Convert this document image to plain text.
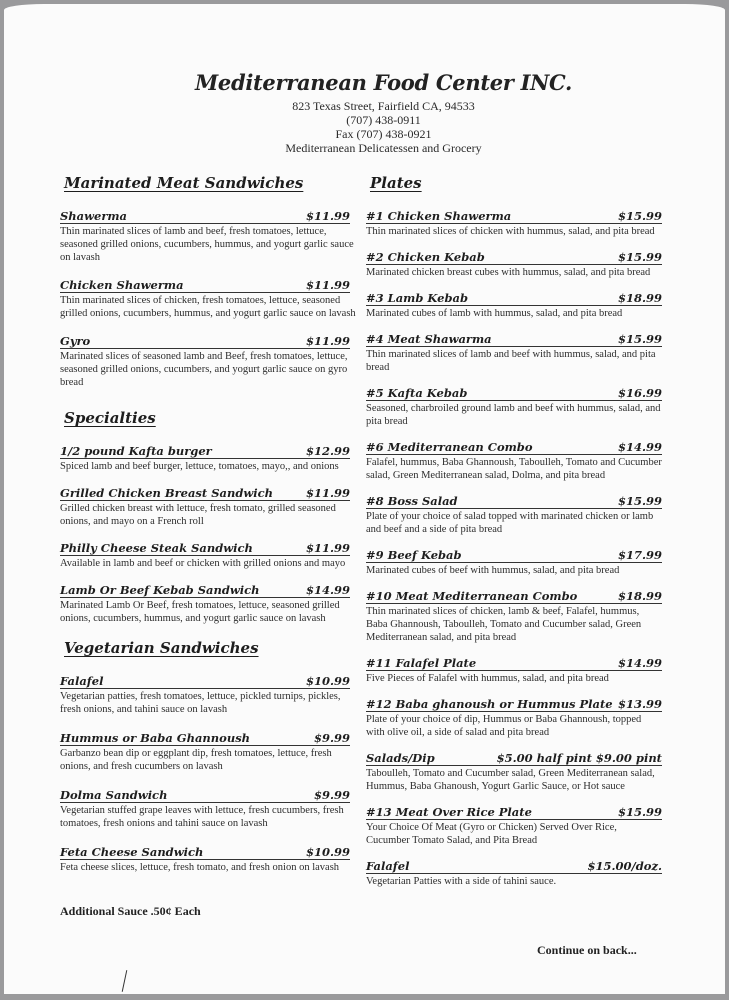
Mediterranean Food Center INC.
823 Texas Street, Fairfield CA, 94533
(707) 438-0911
Fax (707) 438-0921
Mediterranean Delicatessen and Grocery
Marinated Meat Sandwiches
Shawerma	$11.99
Thin marinated slices of lamb and beef, fresh tomatoes, lettuce, seasoned grilled onions, cucumbers, hummus, and yogurt garlic sauce on lavash
Chicken Shawerma	$11.99
Thin marinated slices of chicken, fresh tomatoes, lettuce, seasoned grilled onions, cucumbers, hummus, and yogurt garlic sauce on lavash
Gyro	$11.99
Marinated slices of seasoned lamb and Beef, fresh tomatoes, lettuce, seasoned grilled onions, cucumbers, and yogurt garlic sauce on gyro bread
Specialties
1/2 pound Kafta burger	$12.99
Spiced lamb and beef burger, lettuce, tomatoes, mayo,, and onions
Grilled Chicken Breast Sandwich	$11.99
Grilled chicken breast with lettuce, fresh tomato, grilled seasoned onions, and mayo on a French roll
Philly Cheese Steak Sandwich	$11.99
Available in lamb and beef or chicken with grilled onions and mayo
Lamb Or Beef Kebab Sandwich	$14.99
Marinated Lamb Or Beef, fresh tomatoes, lettuce, seasoned grilled onions, cucumbers, hummus, and yogurt garlic sauce on lavash
Vegetarian Sandwiches
Falafel	$10.99
Vegetarian patties, fresh tomatoes, lettuce, pickled turnips, pickles, fresh onions, and tahini sauce on lavash
Hummus or Baba Ghannoush	$9.99
Garbanzo bean dip or eggplant dip, fresh tomatoes, lettuce, fresh onions, and fresh cucumbers on lavash
Dolma Sandwich	$9.99
Vegetarian stuffed grape leaves with lettuce, fresh cucumbers, fresh tomatoes, fresh onions and tahini sauce on lavash
Feta Cheese Sandwich	$10.99
Feta cheese slices, lettuce, fresh tomato, and fresh onion on lavash
Plates
#1 Chicken Shawerma	$15.99
Thin marinated slices of chicken with hummus, salad, and pita bread
#2 Chicken Kebab	$15.99
Marinated chicken breast cubes with hummus, salad, and pita bread
#3 Lamb Kebab	$18.99
Marinated cubes of lamb with hummus, salad, and pita bread
#4 Meat Shawarma	$15.99
Thin marinated slices of lamb and beef with hummus, salad, and pita bread
#5 Kafta Kebab	$16.99
Seasoned, charbroiled ground lamb and beef with hummus, salad, and pita bread
#6 Mediterranean Combo	$14.99
Falafel, hummus, Baba Ghannoush, Taboulleh, Tomato and Cucumber salad, Green Mediterranean salad, Dolma, and pita bread
#8 Boss Salad	$15.99
Plate of your choice of salad topped with marinated chicken or lamb and beef and a side of pita bread
#9 Beef Kebab	$17.99
Marinated cubes of beef with hummus, salad, and pita bread
#10 Meat Mediterranean Combo	$18.99
Thin marinated slices of chicken, lamb & beef, Falafel, hummus, Baba Ghannoush, Taboulleh, Tomato and Cucumber salad, Green Mediterranean salad, and pita bread
#11 Falafel Plate	$14.99
Five Pieces of Falafel with hummus, salad, and pita bread
#12 Baba ghanoush or Hummus Plate $13.99
Plate of your choice of dip, Hummus or Baba Ghannoush, topped with olive oil, a side of salad and pita bread
Salads/Dip	$5.00 half pint $9.00 pint
Taboulleh, Tomato and Cucumber salad, Green Mediterranean salad, Hummus, Baba Ghanoush, Yogurt Garlic Sauce, or Hot sauce
#13 Meat Over Rice Plate	$15.99
Your Choice Of Meat (Gyro or Chicken) Served Over Rice, Cucumber Tomato Salad, and Pita Bread
Falafel	$15.00/doz.
Vegetarian Patties with a side of tahini sauce.
Additional Sauce .50¢ Each
Continue on back...
